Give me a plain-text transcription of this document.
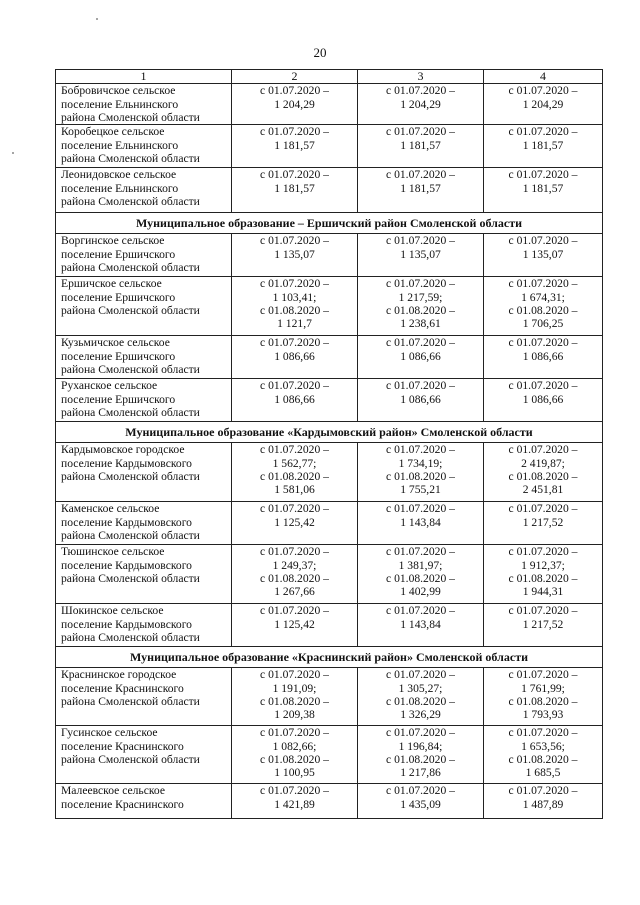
20
1	2	3	4

Бобровичское сельское
поселение Ельнинского
района Смоленской области	с 01.07.2020 –
1 204,29	с 01.07.2020 –
1 204,29	с 01.07.2020 –
1 204,29

Коробецкое сельское
поселение Ельнинского
района Смоленской области	с 01.07.2020 –
1 181,57	с 01.07.2020 –
1 181,57	с 01.07.2020 –
1 181,57

Леонидовское сельское
поселение Ельнинского
района Смоленской области	с 01.07.2020 –
1 181,57	с 01.07.2020 –
1 181,57	с 01.07.2020 –
1 181,57

Муниципальное образование – Ершичский район Смоленской области			

Воргинское сельское
поселение Ершичского
района Смоленской области	с 01.07.2020 –
1 135,07	с 01.07.2020 –
1 135,07	с 01.07.2020 –
1 135,07

Ершичское сельское
поселение Ершичского
района Смоленской области	с 01.07.2020 –
1 103,41;
с 01.08.2020 –
1 121,7	с 01.07.2020 –
1 217,59;
с 01.08.2020 –
1 238,61	с 01.07.2020 –
1 674,31;
с 01.08.2020 –
1 706,25

Кузьмичское сельское
поселение Ершичского
района Смоленской области	с 01.07.2020 –
1 086,66	с 01.07.2020 –
1 086,66	с 01.07.2020 –
1 086,66

Руханское сельское
поселение Ершичского
района Смоленской области	с 01.07.2020 –
1 086,66	с 01.07.2020 –
1 086,66	с 01.07.2020 –
1 086,66

Муниципальное образование «Кардымовский район» Смоленской области			

Кардымовское городское
поселение Кардымовского
района Смоленской области	с 01.07.2020 –
1 562,77;
с 01.08.2020 –
1 581,06	с 01.07.2020 –
1 734,19;
с 01.08.2020 –
1 755,21	с 01.07.2020 –
2 419,87;
с 01.08.2020 –
2 451,81

Каменское сельское
поселение Кардымовского
района Смоленской области	с 01.07.2020 –
1 125,42	с 01.07.2020 –
1 143,84	с 01.07.2020 –
1 217,52

Тюшинское сельское
поселение Кардымовского
района Смоленской области	с 01.07.2020 –
1 249,37;
с 01.08.2020 –
1 267,66	с 01.07.2020 –
1 381,97;
с 01.08.2020 –
1 402,99	с 01.07.2020 –
1 912,37;
с 01.08.2020 –
1 944,31

Шокинское сельское
поселение Кардымовского
района Смоленской области	с 01.07.2020 –
1 125,42	с 01.07.2020 –
1 143,84	с 01.07.2020 –
1 217,52

Муниципальное образование «Краснинский район» Смоленской области			

Краснинское городское
поселение Краснинского
района Смоленской области	с 01.07.2020 –
1 191,09;
с 01.08.2020 –
1 209,38	с 01.07.2020 –
1 305,27;
с 01.08.2020 –
1 326,29	с 01.07.2020 –
1 761,99;
с 01.08.2020 –
1 793,93

Гусинское сельское
поселение Краснинского
района Смоленской области	с 01.07.2020 –
1 082,66;
с 01.08.2020 –
1 100,95	с 01.07.2020 –
1 196,84;
с 01.08.2020 –
1 217,86	с 01.07.2020 –
1 653,56;
с 01.08.2020 –
1 685,5

Малеевское сельское
поселение Краснинского	с 01.07.2020 –
1 421,89	с 01.07.2020 –
1 435,09	с 01.07.2020 –
1 487,89
